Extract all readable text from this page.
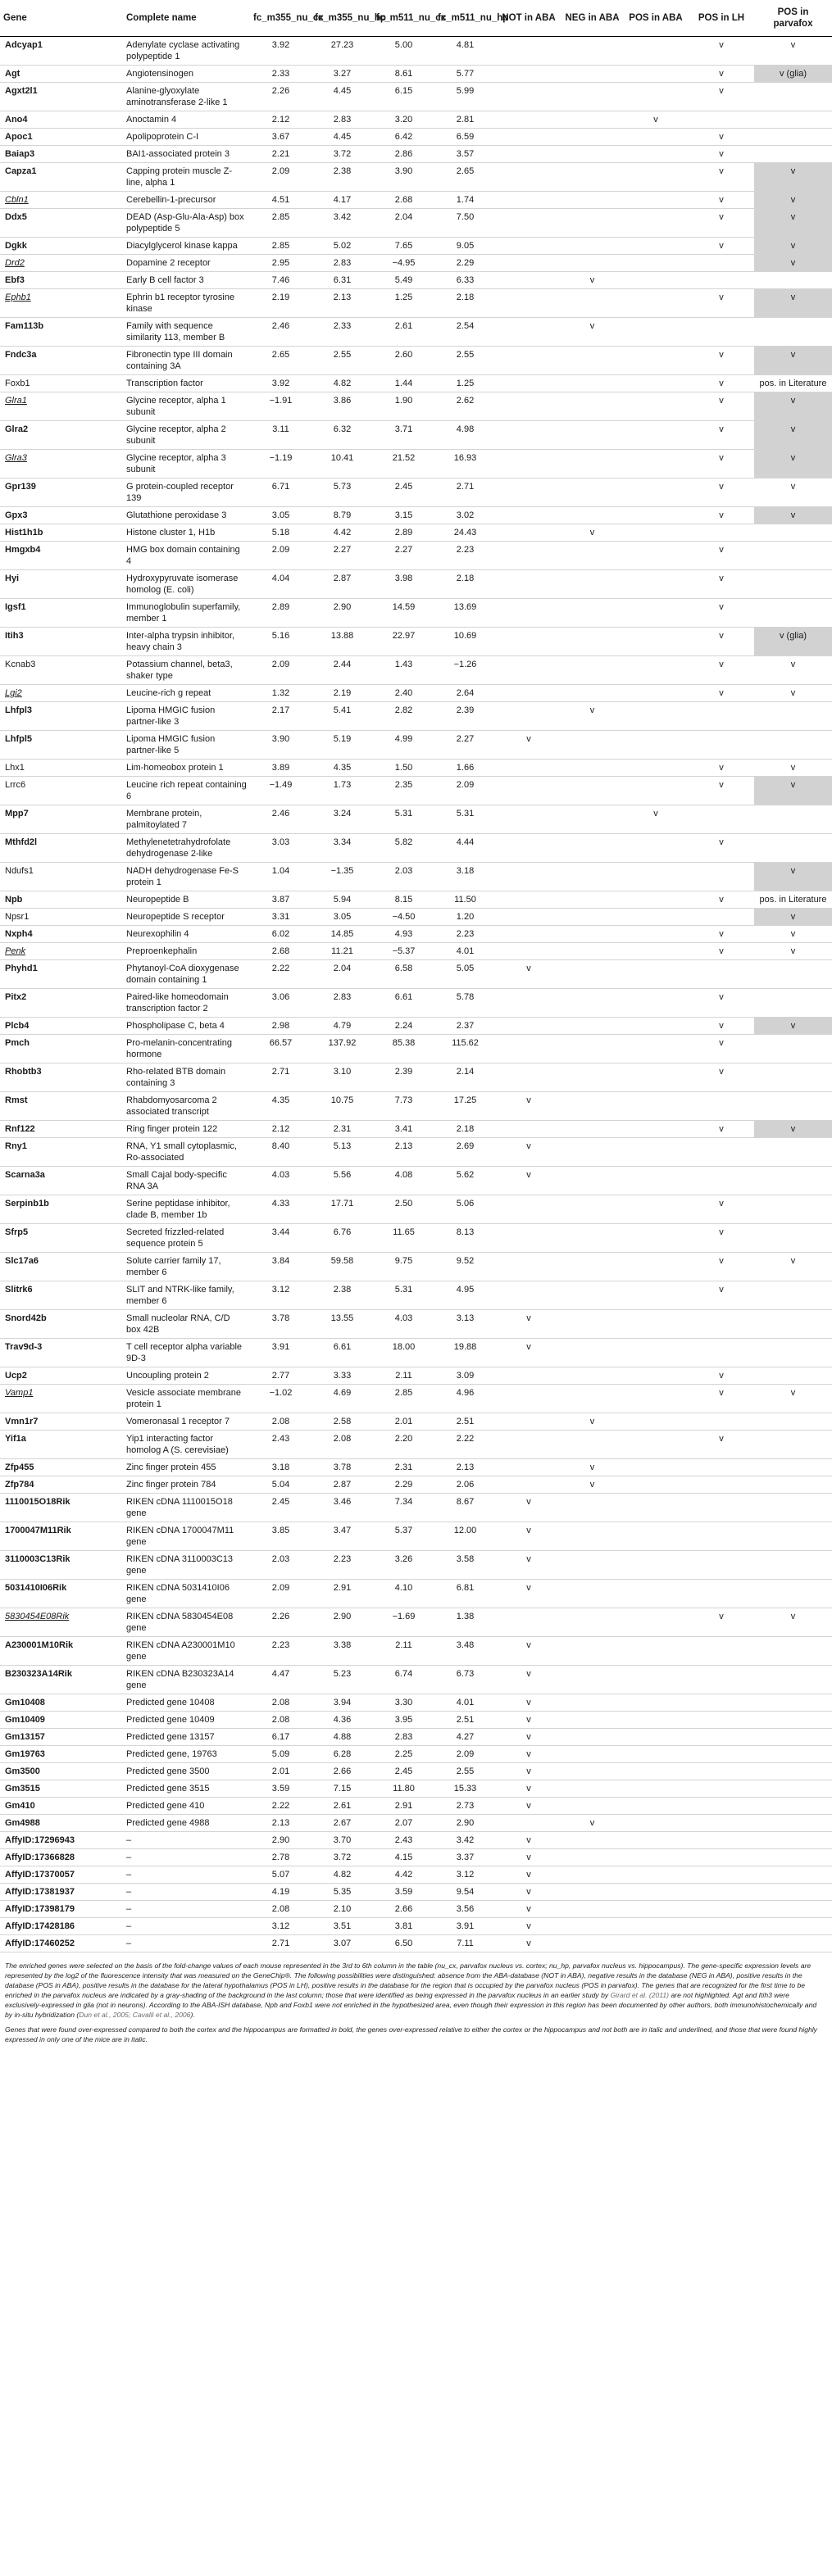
Gene	Complete name	fc_m355_nu_cx	fc_m355_nu_hp	fc_m511_nu_cx	fc_m511_nu_hp	NOT in ABA	NEG in ABA	POS in ABA	POS in LH	POS in parvafox
Adcyap1	Adenylate cyclase activating polypeptide 1	3.92	27.23	5.00	4.81				v	v
Agt	Angiotensinogen	2.33	3.27	8.61	5.77				v	v (glia)
Agxt2l1	Alanine-glyoxylate aminotransferase 2-like 1	2.26	4.45	6.15	5.99				v	
Ano4	Anoctamin 4	2.12	2.83	3.20	2.81			v		
Apoc1	Apolipoprotein C-I	3.67	4.45	6.42	6.59				v	
Baiap3	BAI1-associated protein 3	2.21	3.72	2.86	3.57				v	
Capza1	Capping protein muscle Z-line, alpha 1	2.09	2.38	3.90	2.65				v	v
Cbln1	Cerebellin-1-precursor	4.51	4.17	2.68	1.74				v	v
Ddx5	DEAD (Asp-Glu-Ala-Asp) box polypeptide 5	2.85	3.42	2.04	7.50				v	v
Dgkk	Diacylglycerol kinase kappa	2.85	5.02	7.65	9.05				v	v
Drd2	Dopamine 2 receptor	2.95	2.83	−4.95	2.29					v
Ebf3	Early B cell factor 3	7.46	6.31	5.49	6.33		v			
Ephb1	Ephrin b1 receptor tyrosine kinase	2.19	2.13	1.25	2.18				v	v
Fam113b	Family with sequence similarity 113, member B	2.46	2.33	2.61	2.54		v			
Fndc3a	Fibronectin type III domain containing 3A	2.65	2.55	2.60	2.55				v	v
Foxb1	Transcription factor	3.92	4.82	1.44	1.25				v	pos. in Literature
Glra1	Glycine receptor, alpha 1 subunit	−1.91	3.86	1.90	2.62				v	v
Glra2	Glycine receptor, alpha 2 subunit	3.11	6.32	3.71	4.98				v	v
Glra3	Glycine receptor, alpha 3 subunit	−1.19	10.41	21.52	16.93				v	v
Gpr139	G protein-coupled receptor 139	6.71	5.73	2.45	2.71				v	v
Gpx3	Glutathione peroxidase 3	3.05	8.79	3.15	3.02				v	v
Hist1h1b	Histone cluster 1, H1b	5.18	4.42	2.89	24.43		v			
Hmgxb4	HMG box domain containing 4	2.09	2.27	2.27	2.23				v	
Hyi	Hydroxypyruvate isomerase homolog (E. coli)	4.04	2.87	3.98	2.18				v	
Igsf1	Immunoglobulin superfamily, member 1	2.89	2.90	14.59	13.69				v	
Itih3	Inter-alpha trypsin inhibitor, heavy chain 3	5.16	13.88	22.97	10.69				v	v (glia)
Kcnab3	Potassium channel, beta3, shaker type	2.09	2.44	1.43	−1.26				v	v
Lgi2	Leucine-rich g repeat	1.32	2.19	2.40	2.64				v	v
Lhfpl3	Lipoma HMGIC fusion partner-like 3	2.17	5.41	2.82	2.39		v			
Lhfpl5	Lipoma HMGIC fusion partner-like 5	3.90	5.19	4.99	2.27	v				
Lhx1	Lim-homeobox protein 1	3.89	4.35	1.50	1.66				v	v
Lrrc6	Leucine rich repeat containing 6	−1.49	1.73	2.35	2.09				v	v
Mpp7	Membrane protein, palmitoylated 7	2.46	3.24	5.31	5.31			v		
Mthfd2l	Methylenetetrahydrofolate dehydrogenase 2-like	3.03	3.34	5.82	4.44				v	
Ndufs1	NADH dehydrogenase Fe-S protein 1	1.04	−1.35	2.03	3.18					v
Npb	Neuropeptide B	3.87	5.94	8.15	11.50				v	pos. in Literature
Npsr1	Neuropeptide S receptor	3.31	3.05	−4.50	1.20					v
Nxph4	Neurexophilin 4	6.02	14.85	4.93	2.23				v	v
Penk	Preproenkephalin	2.68	11.21	−5.37	4.01				v	v
Phyhd1	Phytanoyl-CoA dioxygenase domain containing 1	2.22	2.04	6.58	5.05	v				
Pitx2	Paired-like homeodomain transcription factor 2	3.06	2.83	6.61	5.78				v	
Plcb4	Phospholipase C, beta 4	2.98	4.79	2.24	2.37				v	v
Pmch	Pro-melanin-concentrating hormone	66.57	137.92	85.38	115.62				v	
Rhobtb3	Rho-related BTB domain containing 3	2.71	3.10	2.39	2.14				v	
Rmst	Rhabdomyosarcoma 2 associated transcript	4.35	10.75	7.73	17.25	v				
Rnf122	Ring finger protein 122	2.12	2.31	3.41	2.18				v	v
Rny1	RNA, Y1 small cytoplasmic, Ro-associated	8.40	5.13	2.13	2.69	v				
Scarna3a	Small Cajal body-specific RNA 3A	4.03	5.56	4.08	5.62	v				
Serpinb1b	Serine peptidase inhibitor, clade B, member 1b	4.33	17.71	2.50	5.06				v	
Sfrp5	Secreted frizzled-related sequence protein 5	3.44	6.76	11.65	8.13				v	
Slc17a6	Solute carrier family 17, member 6	3.84	59.58	9.75	9.52				v	v
Slitrk6	SLIT and NTRK-like family, member 6	3.12	2.38	5.31	4.95				v	
Snord42b	Small nucleolar RNA, C/D box 42B	3.78	13.55	4.03	3.13	v				
Trav9d-3	T cell receptor alpha variable 9D-3	3.91	6.61	18.00	19.88	v				
Ucp2	Uncoupling protein 2	2.77	3.33	2.11	3.09				v	
Vamp1	Vesicle associate membrane protein 1	−1.02	4.69	2.85	4.96				v	v
Vmn1r7	Vomeronasal 1 receptor 7	2.08	2.58	2.01	2.51		v			
Yif1a	Yip1 interacting factor homolog A (S. cerevisiae)	2.43	2.08	2.20	2.22				v	
Zfp455	Zinc finger protein 455	3.18	3.78	2.31	2.13		v			
Zfp784	Zinc finger protein 784	5.04	2.87	2.29	2.06		v			
1110015O18Rik	RIKEN cDNA 1110015O18 gene	2.45	3.46	7.34	8.67	v				
1700047M11Rik	RIKEN cDNA 1700047M11 gene	3.85	3.47	5.37	12.00	v				
3110003C13Rik	RIKEN cDNA 3110003C13 gene	2.03	2.23	3.26	3.58	v				
5031410I06Rik	RIKEN cDNA 5031410I06 gene	2.09	2.91	4.10	6.81	v				
5830454E08Rik	RIKEN cDNA 5830454E08 gene	2.26	2.90	−1.69	1.38				v	v
A230001M10Rik	RIKEN cDNA A230001M10 gene	2.23	3.38	2.11	3.48	v				
B230323A14Rik	RIKEN cDNA B230323A14 gene	4.47	5.23	6.74	6.73	v				
Gm10408	Predicted gene 10408	2.08	3.94	3.30	4.01	v				
Gm10409	Predicted gene 10409	2.08	4.36	3.95	2.51	v				
Gm13157	Predicted gene 13157	6.17	4.88	2.83	4.27	v				
Gm19763	Predicted gene, 19763	5.09	6.28	2.25	2.09	v				
Gm3500	Predicted gene 3500	2.01	2.66	2.45	2.55	v				
Gm3515	Predicted gene 3515	3.59	7.15	11.80	15.33	v				
Gm410	Predicted gene 410	2.22	2.61	2.91	2.73	v				
Gm4988	Predicted gene 4988	2.13	2.67	2.07	2.90		v			
AffyID:17296943	–	2.90	3.70	2.43	3.42	v				
AffyID:17366828	–	2.78	3.72	4.15	3.37	v				
AffyID:17370057	–	5.07	4.82	4.42	3.12	v				
AffyID:17381937	–	4.19	5.35	3.59	9.54	v				
AffyID:17398179	–	2.08	2.10	2.66	3.56	v				
AffyID:17428186	–	3.12	3.51	3.81	3.91	v				
AffyID:17460252	–	2.71	3.07	6.50	7.11	v				
The enriched genes were selected on the basis of the fold-change values of each mouse represented in the 3rd to 6th column in the table (nu_cx, parvafox nucleus vs. cortex; nu_hp, parvafox nucleus vs. hippocampus). The gene-specific expression levels are represented by the log2 of the fluorescence intensity that was measured on the GeneChip®. The following possibilities were distinguished: absence from the ABA-database (NOT in ABA), negative results in the database (NEG in ABA), positive results in the database (POS in ABA), positive results in the database for the lateral hypothalamus (POS in LH), positive results in the database for the region that is occupied by the parvafox nucleus (POS in parvafox). The genes that are recognized for the first time to be enriched in the parvafox nucleus are indicated by a gray-shading of the background in the last column; those that were identified as being expressed in the parvafox nucleus in an earlier study by Girard et al. (2011) are not highlighted. Agt and Itih3 were exclusively-expressed in glia (not in neurons). According to the ABA-ISH database, Npb and Foxb1 were not enriched in the hypothesized area, even though their expression in this region has been documented by other authors, both immunohistochemically and by in-situ hybridization (Dun et al., 2005; Cavalli et al., 2006).
Genes that were found over-expressed compared to both the cortex and the hippocampus are formatted in bold, the genes over-expressed relative to either the cortex or the hippocampus and not both are in italic and underlined, and those that were found highly expressed in only one of the mice are in italic.
